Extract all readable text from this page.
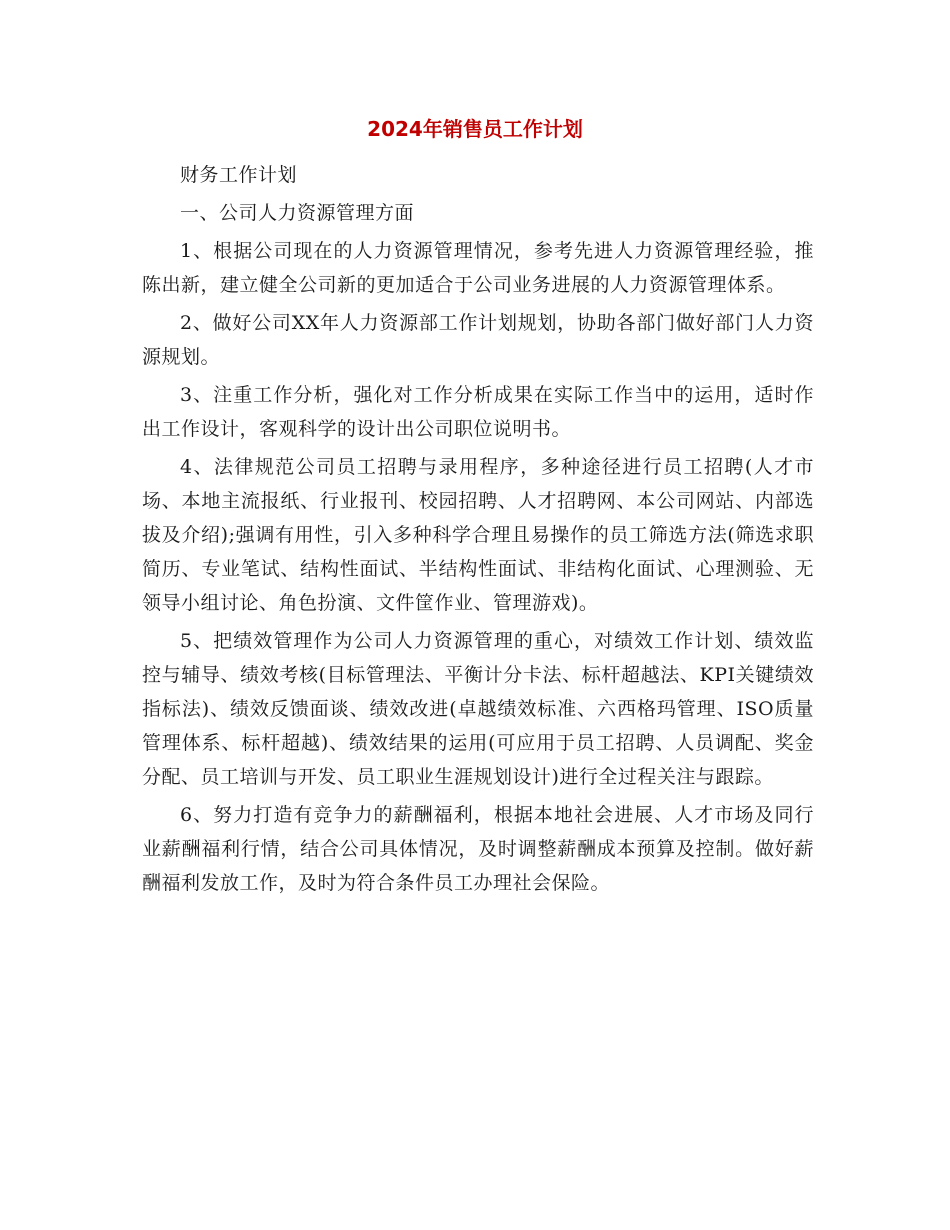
2024年销售员工作计划

财务工作计划

一、公司人力资源管理方面

1、根据公司现在的人力资源管理情况，参考先进人力资源管理经验，推陈出新，建立健全公司新的更加适合于公司业务进展的人力资源管理体系。

2、做好公司XX年人力资源部工作计划规划，协助各部门做好部门人力资源规划。

3、注重工作分析，强化对工作分析成果在实际工作当中的运用，适时作出工作设计，客观科学的设计出公司职位说明书。

4、法律规范公司员工招聘与录用程序，多种途径进行员工招聘(人才市场、本地主流报纸、行业报刊、校园招聘、人才招聘网、本公司网站、内部选拔及介绍);强调有用性，引入多种科学合理且易操作的员工筛选方法(筛选求职简历、专业笔试、结构性面试、半结构性面试、非结构化面试、心理测验、无领导小组讨论、角色扮演、文件筐作业、管理游戏)。

5、把绩效管理作为公司人力资源管理的重心，对绩效工作计划、绩效监控与辅导、绩效考核(目标管理法、平衡计分卡法、标杆超越法、KPI关键绩效指标法)、绩效反馈面谈、绩效改进(卓越绩效标准、六西格玛管理、ISO质量管理体系、标杆超越)、绩效结果的运用(可应用于员工招聘、人员调配、奖金分配、员工培训与开发、员工职业生涯规划设计)进行全过程关注与跟踪。

6、努力打造有竞争力的薪酬福利，根据本地社会进展、人才市场及同行业薪酬福利行情，结合公司具体情况，及时调整薪酬成本预算及控制。做好薪酬福利发放工作，及时为符合条件员工办理社会保险。
